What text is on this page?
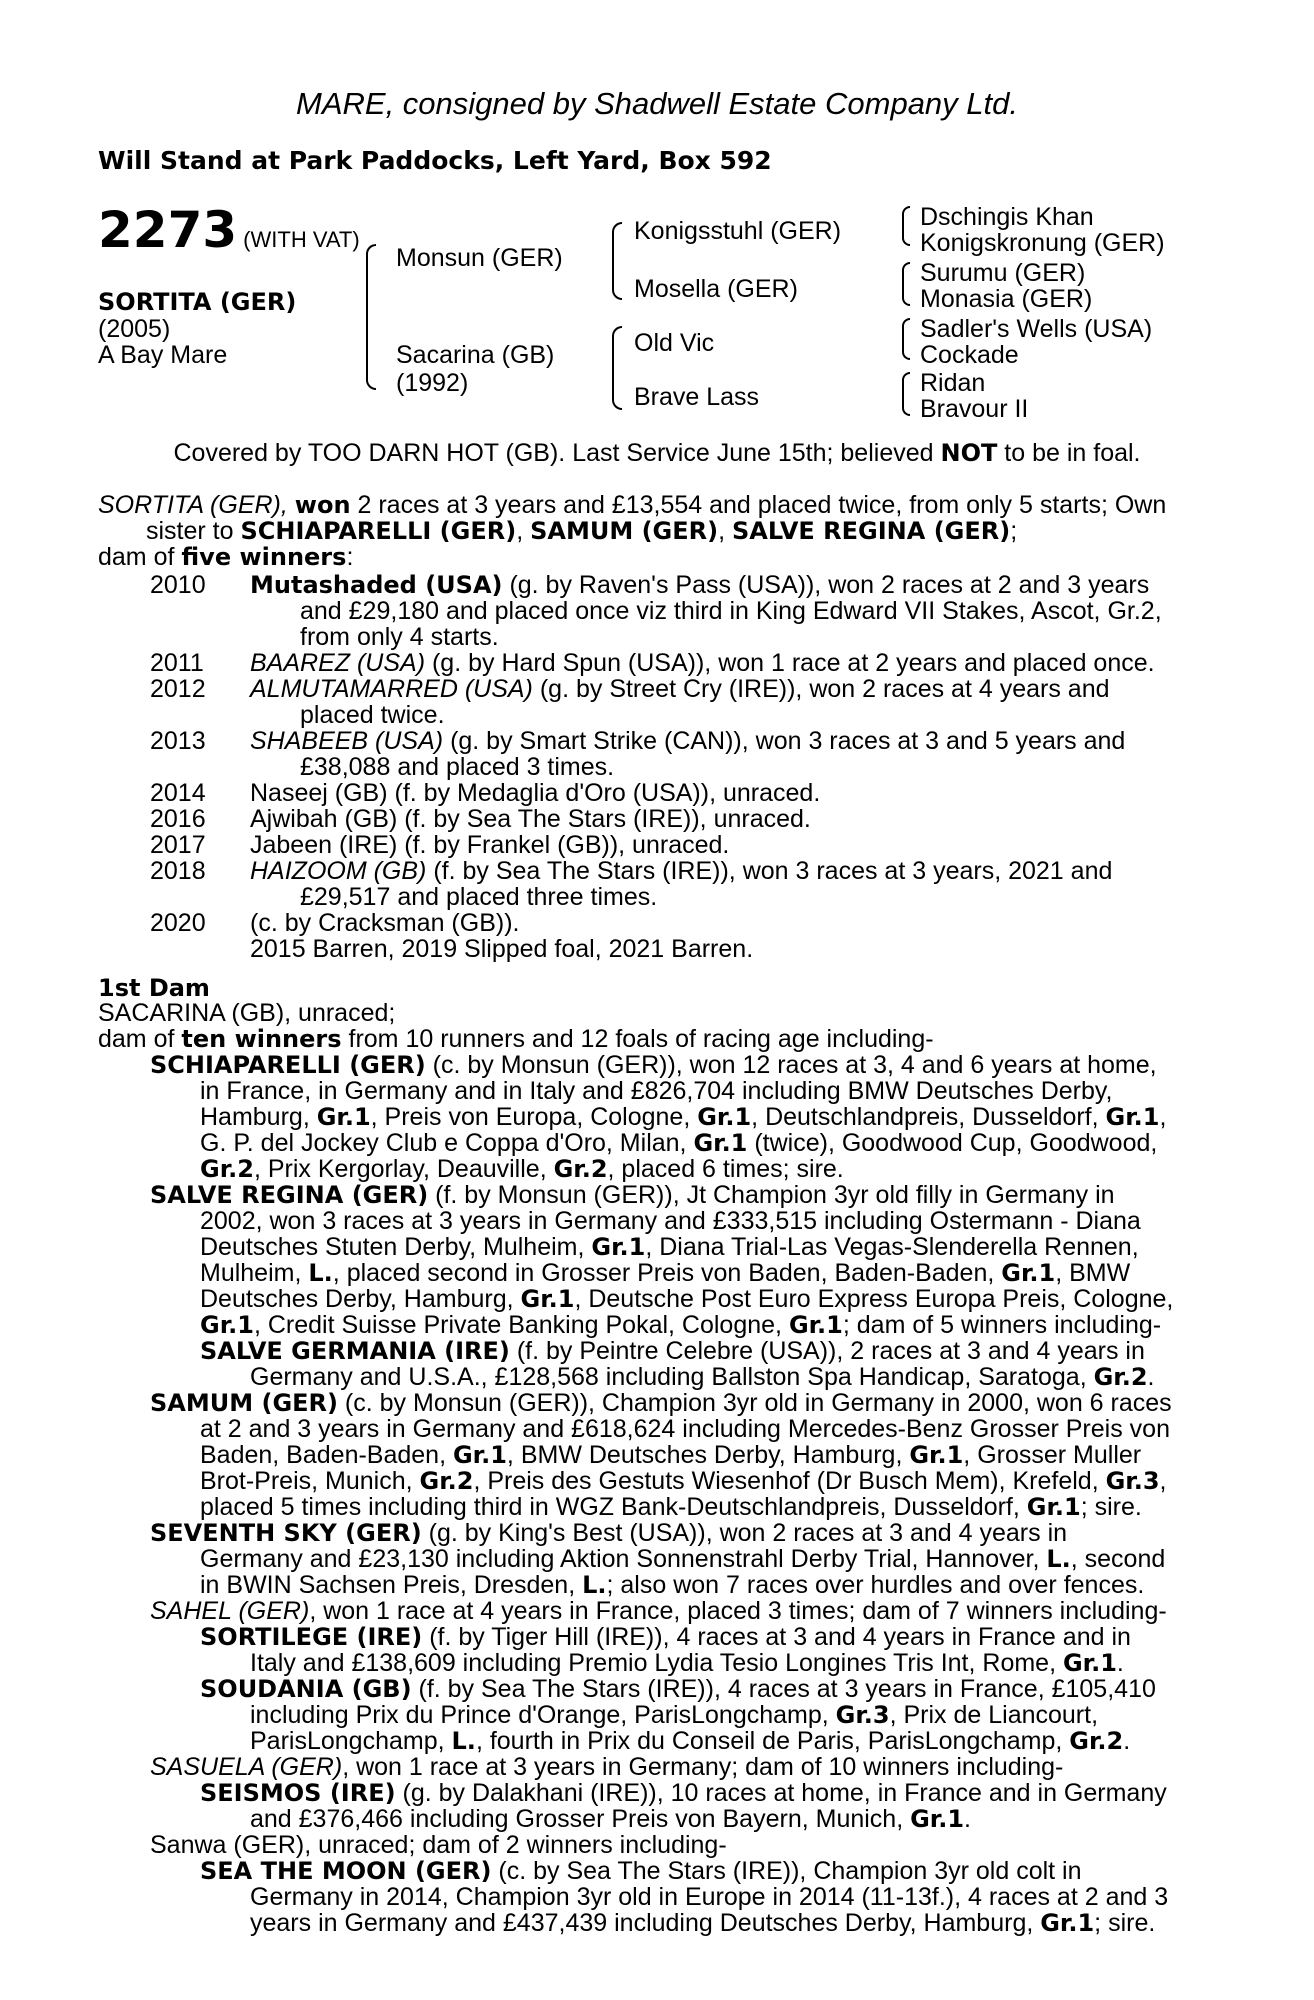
MARE, consigned by Shadwell Estate Company Ltd.
Will Stand at Park Paddocks, Left Yard, Box 592
2273 (WITH VAT)
SORTITA (GER)
(2005)
A Bay Mare
Monsun (GER)
Sacarina (GB)
(1992)
Konigsstuhl (GER)
Mosella (GER)
Old Vic
Brave Lass
Dschingis Khan
Konigskronung (GER)
Surumu (GER)
Monasia (GER)
Sadler's Wells (USA)
Cockade
Ridan
Bravour II
Covered by TOO DARN HOT (GB). Last Service June 15th; believed NOT to be in foal.
SORTITA (GER), won 2 races at 3 years and £13,554 and placed twice, from only 5 starts; Own
sister to SCHIAPARELLI (GER), SAMUM (GER), SALVE REGINA (GER);
dam of five winners:
2010 Mutashaded (USA) (g. by Raven's Pass (USA)), won 2 races at 2 and 3 years
and £29,180 and placed once viz third in King Edward VII Stakes, Ascot, Gr.2,
from only 4 starts.
2011 BAAREZ (USA) (g. by Hard Spun (USA)), won 1 race at 2 years and placed once.
2012 ALMUTAMARRED (USA) (g. by Street Cry (IRE)), won 2 races at 4 years and
placed twice.
2013 SHABEEB (USA) (g. by Smart Strike (CAN)), won 3 races at 3 and 5 years and
£38,088 and placed 3 times.
2014 Naseej (GB) (f. by Medaglia d'Oro (USA)), unraced.
2016 Ajwibah (GB) (f. by Sea The Stars (IRE)), unraced.
2017 Jabeen (IRE) (f. by Frankel (GB)), unraced.
2018 HAIZOOM (GB) (f. by Sea The Stars (IRE)), won 3 races at 3 years, 2021 and
£29,517 and placed three times.
2020 (c. by Cracksman (GB)).
2015 Barren, 2019 Slipped foal, 2021 Barren.
1st Dam
SACARINA (GB), unraced;
dam of ten winners from 10 runners and 12 foals of racing age including-
SCHIAPARELLI (GER) (c. by Monsun (GER)), won 12 races at 3, 4 and 6 years at home,
in France, in Germany and in Italy and £826,704 including BMW Deutsches Derby,
Hamburg, Gr.1, Preis von Europa, Cologne, Gr.1, Deutschlandpreis, Dusseldorf, Gr.1,
G. P. del Jockey Club e Coppa d'Oro, Milan, Gr.1 (twice), Goodwood Cup, Goodwood,
Gr.2, Prix Kergorlay, Deauville, Gr.2, placed 6 times; sire.
SALVE REGINA (GER) (f. by Monsun (GER)), Jt Champion 3yr old filly in Germany in
2002, won 3 races at 3 years in Germany and £333,515 including Ostermann - Diana
Deutsches Stuten Derby, Mulheim, Gr.1, Diana Trial-Las Vegas-Slenderella Rennen,
Mulheim, L., placed second in Grosser Preis von Baden, Baden-Baden, Gr.1, BMW
Deutsches Derby, Hamburg, Gr.1, Deutsche Post Euro Express Europa Preis, Cologne,
Gr.1, Credit Suisse Private Banking Pokal, Cologne, Gr.1; dam of 5 winners including-
SALVE GERMANIA (IRE) (f. by Peintre Celebre (USA)), 2 races at 3 and 4 years in
Germany and U.S.A., £128,568 including Ballston Spa Handicap, Saratoga, Gr.2.
SAMUM (GER) (c. by Monsun (GER)), Champion 3yr old in Germany in 2000, won 6 races
at 2 and 3 years in Germany and £618,624 including Mercedes-Benz Grosser Preis von
Baden, Baden-Baden, Gr.1, BMW Deutsches Derby, Hamburg, Gr.1, Grosser Muller
Brot-Preis, Munich, Gr.2, Preis des Gestuts Wiesenhof (Dr Busch Mem), Krefeld, Gr.3,
placed 5 times including third in WGZ Bank-Deutschlandpreis, Dusseldorf, Gr.1; sire.
SEVENTH SKY (GER) (g. by King's Best (USA)), won 2 races at 3 and 4 years in
Germany and £23,130 including Aktion Sonnenstrahl Derby Trial, Hannover, L., second
in BWIN Sachsen Preis, Dresden, L.; also won 7 races over hurdles and over fences.
SAHEL (GER), won 1 race at 4 years in France, placed 3 times; dam of 7 winners including-
SORTILEGE (IRE) (f. by Tiger Hill (IRE)), 4 races at 3 and 4 years in France and in
Italy and £138,609 including Premio Lydia Tesio Longines Tris Int, Rome, Gr.1.
SOUDANIA (GB) (f. by Sea The Stars (IRE)), 4 races at 3 years in France, £105,410
including Prix du Prince d'Orange, ParisLongchamp, Gr.3, Prix de Liancourt,
ParisLongchamp, L., fourth in Prix du Conseil de Paris, ParisLongchamp, Gr.2.
SASUELA (GER), won 1 race at 3 years in Germany; dam of 10 winners including-
SEISMOS (IRE) (g. by Dalakhani (IRE)), 10 races at home, in France and in Germany
and £376,466 including Grosser Preis von Bayern, Munich, Gr.1.
Sanwa (GER), unraced; dam of 2 winners including-
SEA THE MOON (GER) (c. by Sea The Stars (IRE)), Champion 3yr old colt in
Germany in 2014, Champion 3yr old in Europe in 2014 (11-13f.), 4 races at 2 and 3
years in Germany and £437,439 including Deutsches Derby, Hamburg, Gr.1; sire.
